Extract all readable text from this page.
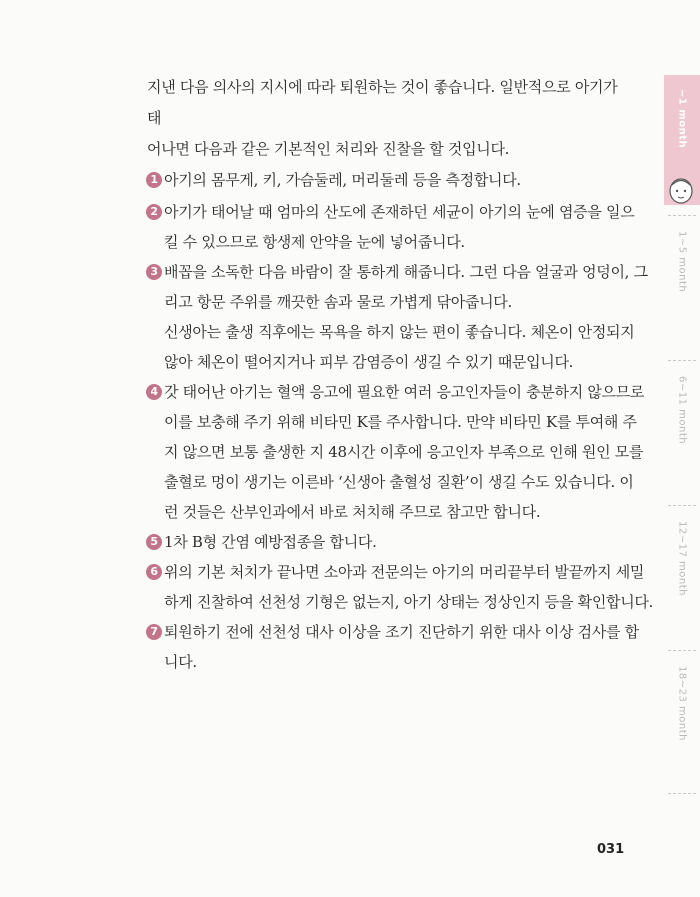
지낸 다음 의사의 지시에 따라 퇴원하는 것이 좋습니다. 일반적으로 아기가 태

어나면 다음과 같은 기본적인 처리와 진찰을 할 것입니다.

1 아기의 몸무게, 키, 가슴둘레, 머리둘레 등을 측정합니다.
2 아기가 태어날 때 엄마의 산도에 존재하던 세균이 아기의 눈에 염증을 일으
킬 수 있으므로 항생제 안약을 눈에 넣어줍니다.
3 배꼽을 소독한 다음 바람이 잘 통하게 해줍니다. 그런 다음 얼굴과 엉덩이, 그
리고 항문 주위를 깨끗한 솜과 물로 가볍게 닦아줍니다.
신생아는 출생 직후에는 목욕을 하지 않는 편이 좋습니다. 체온이 안정되지
않아 체온이 떨어지거나 피부 감염증이 생길 수 있기 때문입니다.
4 갓 태어난 아기는 혈액 응고에 필요한 여러 응고인자들이 충분하지 않으므로
이를 보충해 주기 위해 비타민 K를 주사합니다. 만약 비타민 K를 투여해 주
지 않으면 보통 출생한 지 48시간 이후에 응고인자 부족으로 인해 원인 모를
출혈로 멍이 생기는 이른바 ‘신생아 출혈성 질환’이 생길 수도 있습니다. 이
런 것들은 산부인과에서 바로 처치해 주므로 참고만 합니다.
5 1차 B형 간염 예방접종을 합니다.
6 위의 기본 처치가 끝나면 소아과 전문의는 아기의 머리끝부터 발끝까지 세밀
하게 진찰하여 선천성 기형은 없는지, 아기 상태는 정상인지 등을 확인합니다.
7 퇴원하기 전에 선천성 대사 이상을 조기 진단하기 위한 대사 이상 검사를 합
니다.
~1 month
1~5 month
6~11 month
12~17 month
18~23 month
031
